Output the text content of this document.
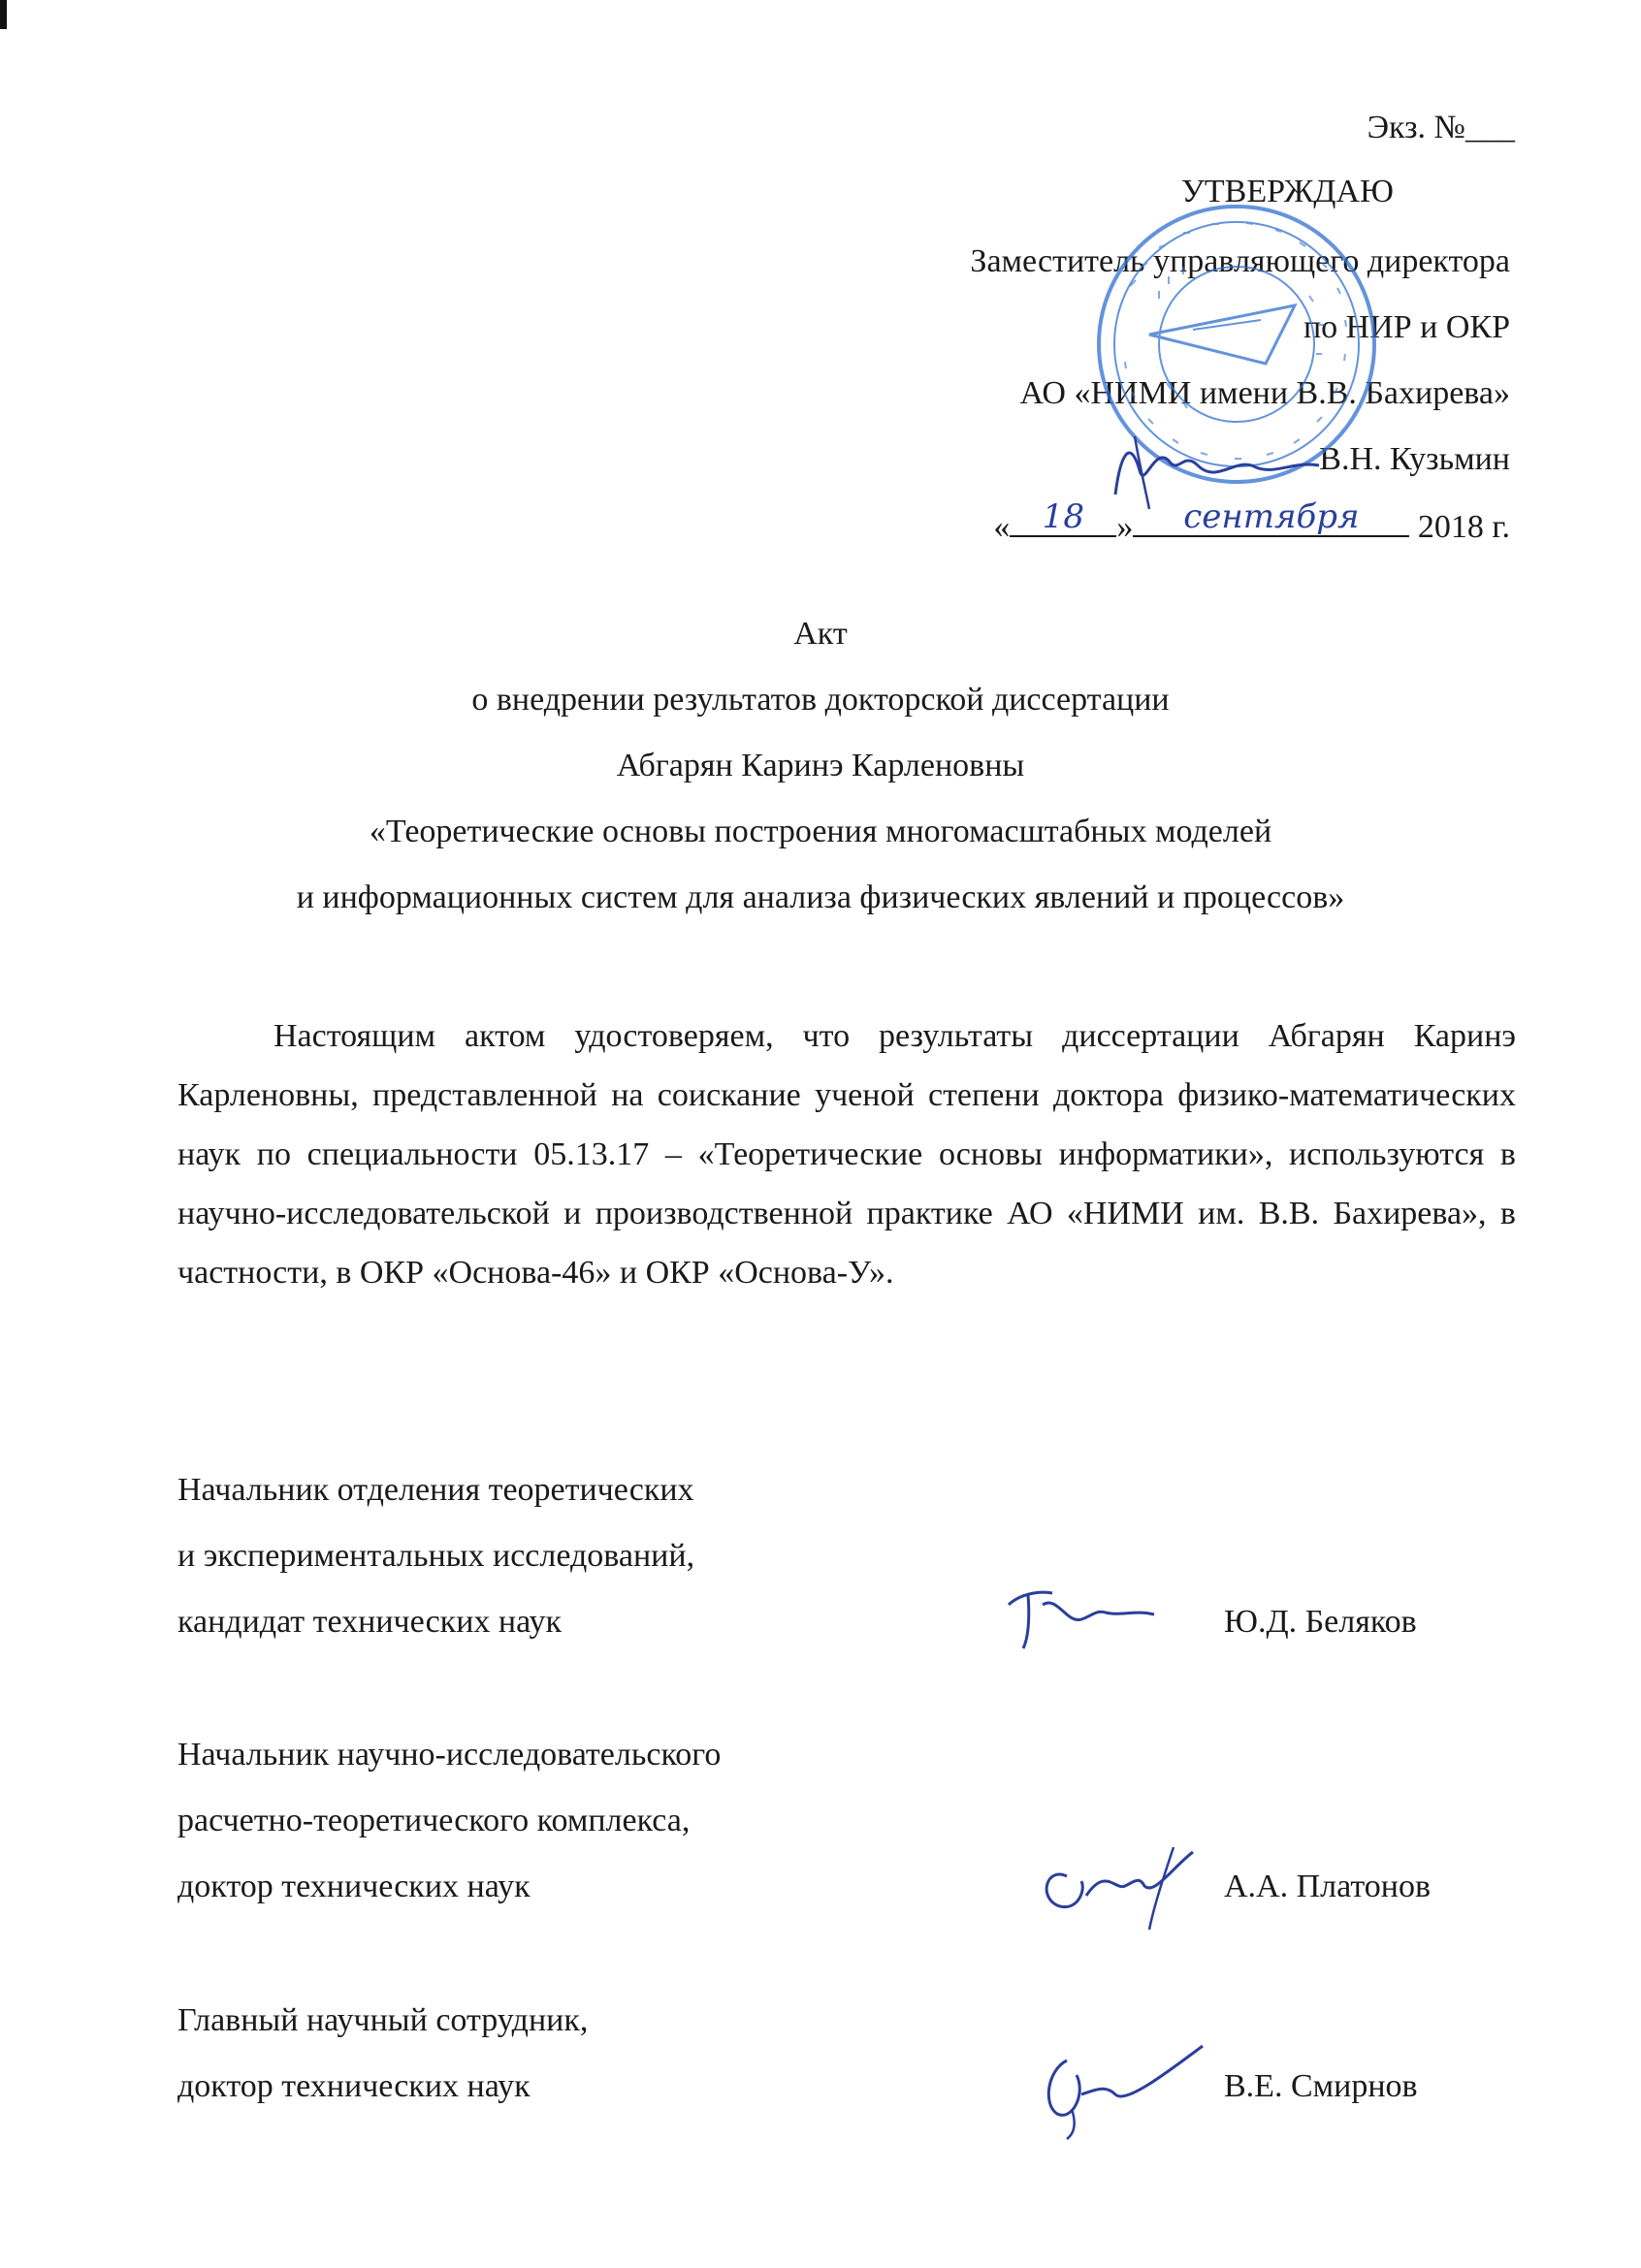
Экз. №___
УТВЕРЖДАЮ
Заместитель управляющего директора
по НИР и ОКР
АО «НИМИ имени В.В. Бахирева»
В.Н. Кузьмин
« 18 »	сентября	2018 г.
Акт
о внедрении результатов докторской диссертации
Абгарян Каринэ Карленовны
«Теоретические основы построения многомасштабных моделей
и информационных систем для анализа физических явлений и процессов»
Настоящим актом удостоверяем, что результаты диссертации Абгарян Каринэ Карленовны, представленной на соискание ученой степени доктора физико-математических наук по специальности 05.13.17 – «Теоретические основы информатики», используются в научно-исследовательской и производственной практике АО «НИМИ им. В.В. Бахирева», в частности, в ОКР «Основа-46» и ОКР «Основа-У».
Начальник отделения теоретических
и экспериментальных исследований,
кандидат технических наук	Ю.Д. Беляков
Начальник научно-исследовательского
расчетно-теоретического комплекса,
доктор технических наук	А.А. Платонов
Главный научный сотрудник,
доктор технических наук	В.Е. Смирнов
